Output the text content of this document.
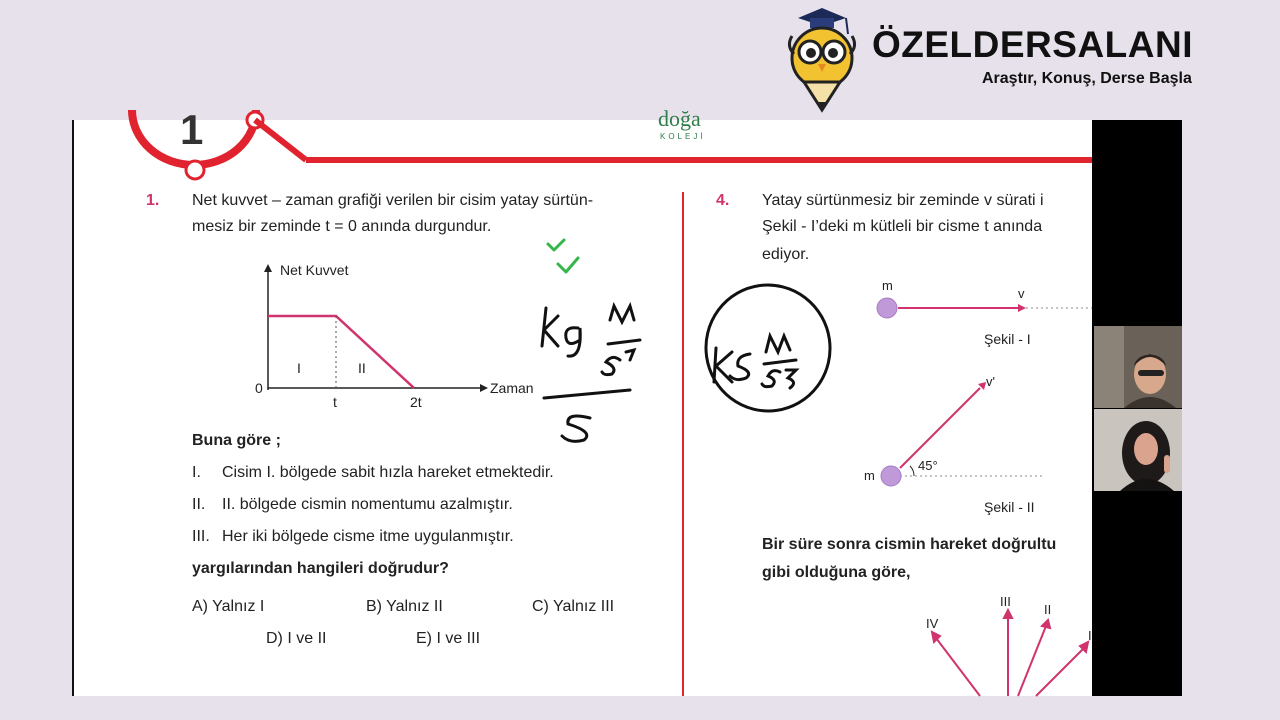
ÖZELDERSALANI
Araştır, Konuş, Derse Başla
1	doğa
KOLEJİ
1. Net kuvvet – zaman grafiği verilen bir cisim yatay sürtün-
mesiz bir zeminde t = 0 anında durgundur.
Net Kuvvet
Zaman
0
t	2t
I	II
Buna göre ;
I. Cisim I. bölgede sabit hızla hareket etmektedir.
II. II. bölgede cismin nomentumu azalmıştır.
III. Her iki bölgede cisme itme uygulanmıştır.
yargılarından hangileri doğrudur?
A) Yalnız I	B) Yalnız II	C) Yalnız III
D) I ve II	E) I ve III
4. Yatay sürtünmesiz bir zeminde v sürati i
Şekil - I’deki m kütleli bir cisme t anında
ediyor.
m
v
Şekil - I
m
v'
45°
Şekil - II
Bir süre sonra cismin hareket doğrultu
gibi olduğuna göre,
IV
III
II
I
